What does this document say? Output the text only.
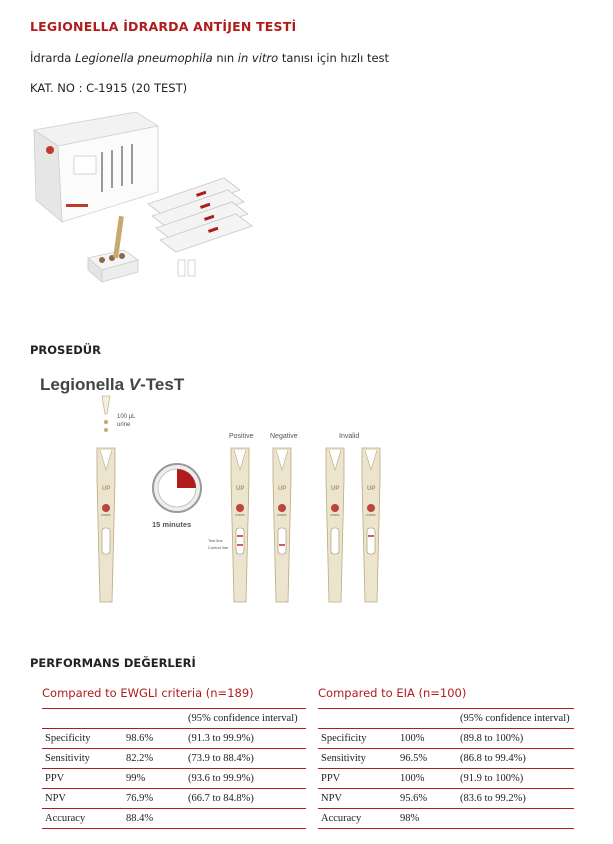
LEGIONELLA İDRARDA ANTİJEN TESTİ
İdrarda Legionella pneumophila nın in vitro tanısı için hızlı test
KAT. NO : C-1915 (20 TEST)
PROSEDÜR
Legionella V-TesT
100 µL
urine
15 minutes
Positive Negative	Invalid
Test line
Control line
UP
CORIS
UP
CORIS
UP
CORIS
UP
CORIS
UP
CORIS
PERFORMANS DEĞERLERİ
Compared to EWGLI criteria (n=189)
		(95% confidence interval)
Specificity	98.6%	(91.3 to 99.9%)
Sensitivity	82.2%	(73.9 to 88.4%)
PPV	99%	(93.6 to 99.9%)
NPV	76.9%	(66.7 to 84.8%)
Accuracy	88.4%	
Compared to EIA (n=100)
		(95% confidence interval)
Specificity	100%	(89.8 to 100%)
Sensitivity	96.5%	(86.8 to 99.4%)
PPV	100%	(91.9 to 100%)
NPV	95.6%	(83.6 to 99.2%)
Accuracy	98%	
